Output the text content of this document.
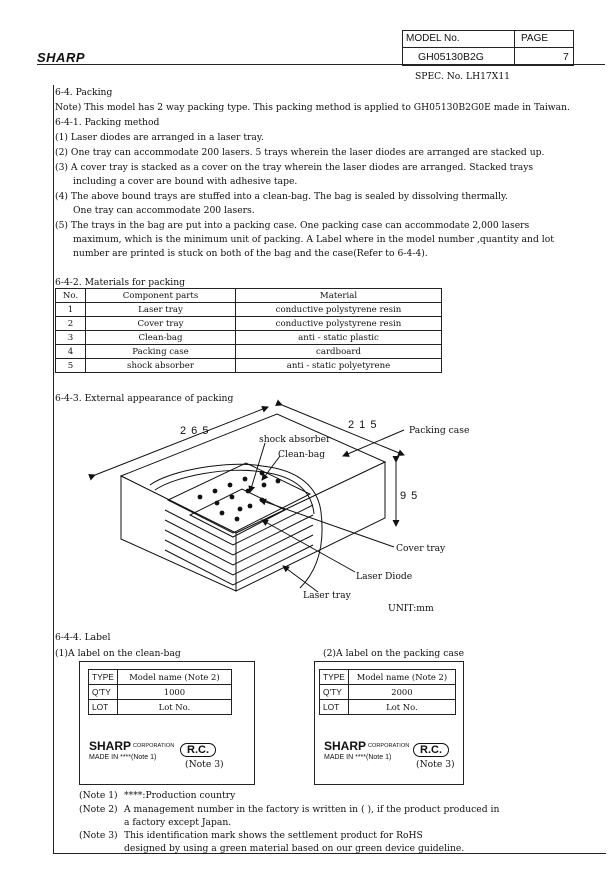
SHARP
MODEL No.
GH05130B2G
PAGE
7
SPEC. No. LH17X11
6-4. Packing
Note) This model has 2 way packing type. This packing method is applied to GH05130B2G0E made in Taiwan.
6-4-1. Packing method
(1) Laser diodes are arranged in a laser tray.
(2) One tray can accommodate 200 lasers. 5 trays wherein the laser diodes are arranged are stacked up.
(3) A cover tray is stacked as a cover on the tray wherein the laser diodes are arranged. Stacked trays
including a cover are bound with adhesive tape.
(4) The above bound trays are stuffed into a clean-bag. The bag is sealed by dissolving thermally.
One tray can accommodate 200 lasers.
(5) The trays in the bag are put into a packing case. One packing case can accommodate 2,000 lasers
maximum, which is the minimum unit of packing. A Label where in the model number ,quantity and lot
number are printed is stuck on both of the bag and the case(Refer to 6-4-4).
6-4-2. Materials for packing
No.	Component parts	Material
1	Laser tray	conductive polystyrene resin
2	Cover tray	conductive polystyrene resin
3	Clean-bag	anti - static plastic
4	Packing case	cardboard
5	shock absorber	anti - static polyetyrene
6-4-3. External appearance of packing
2 6 5	2 1 5
9 5
Packing case
shock absorber
Clean-bag
Cover tray
Laser Diode
Laser tray
UNIT:mm
6-4-4. Label
(1)A label on the clean-bag	(2)A label on the packing case
TYPE	Model name (Note 2)
Q'TY	1000
LOT	Lot No.
SHARP CORPORATION
MADE IN ****(Note 1)
R.C.
(Note 3)
TYPE	Model name (Note 2)
Q'TY	2000
LOT	Lot No.
SHARP CORPORATION
MADE IN ****(Note 1)
R.C.
(Note 3)
(Note 1) ****:Production country
(Note 2) A management number in the factory is written in ( ), if the product produced in
a factory except Japan.
(Note 3) This identification mark shows the settlement product for RoHS
designed by using a green material based on our green device guideline.
